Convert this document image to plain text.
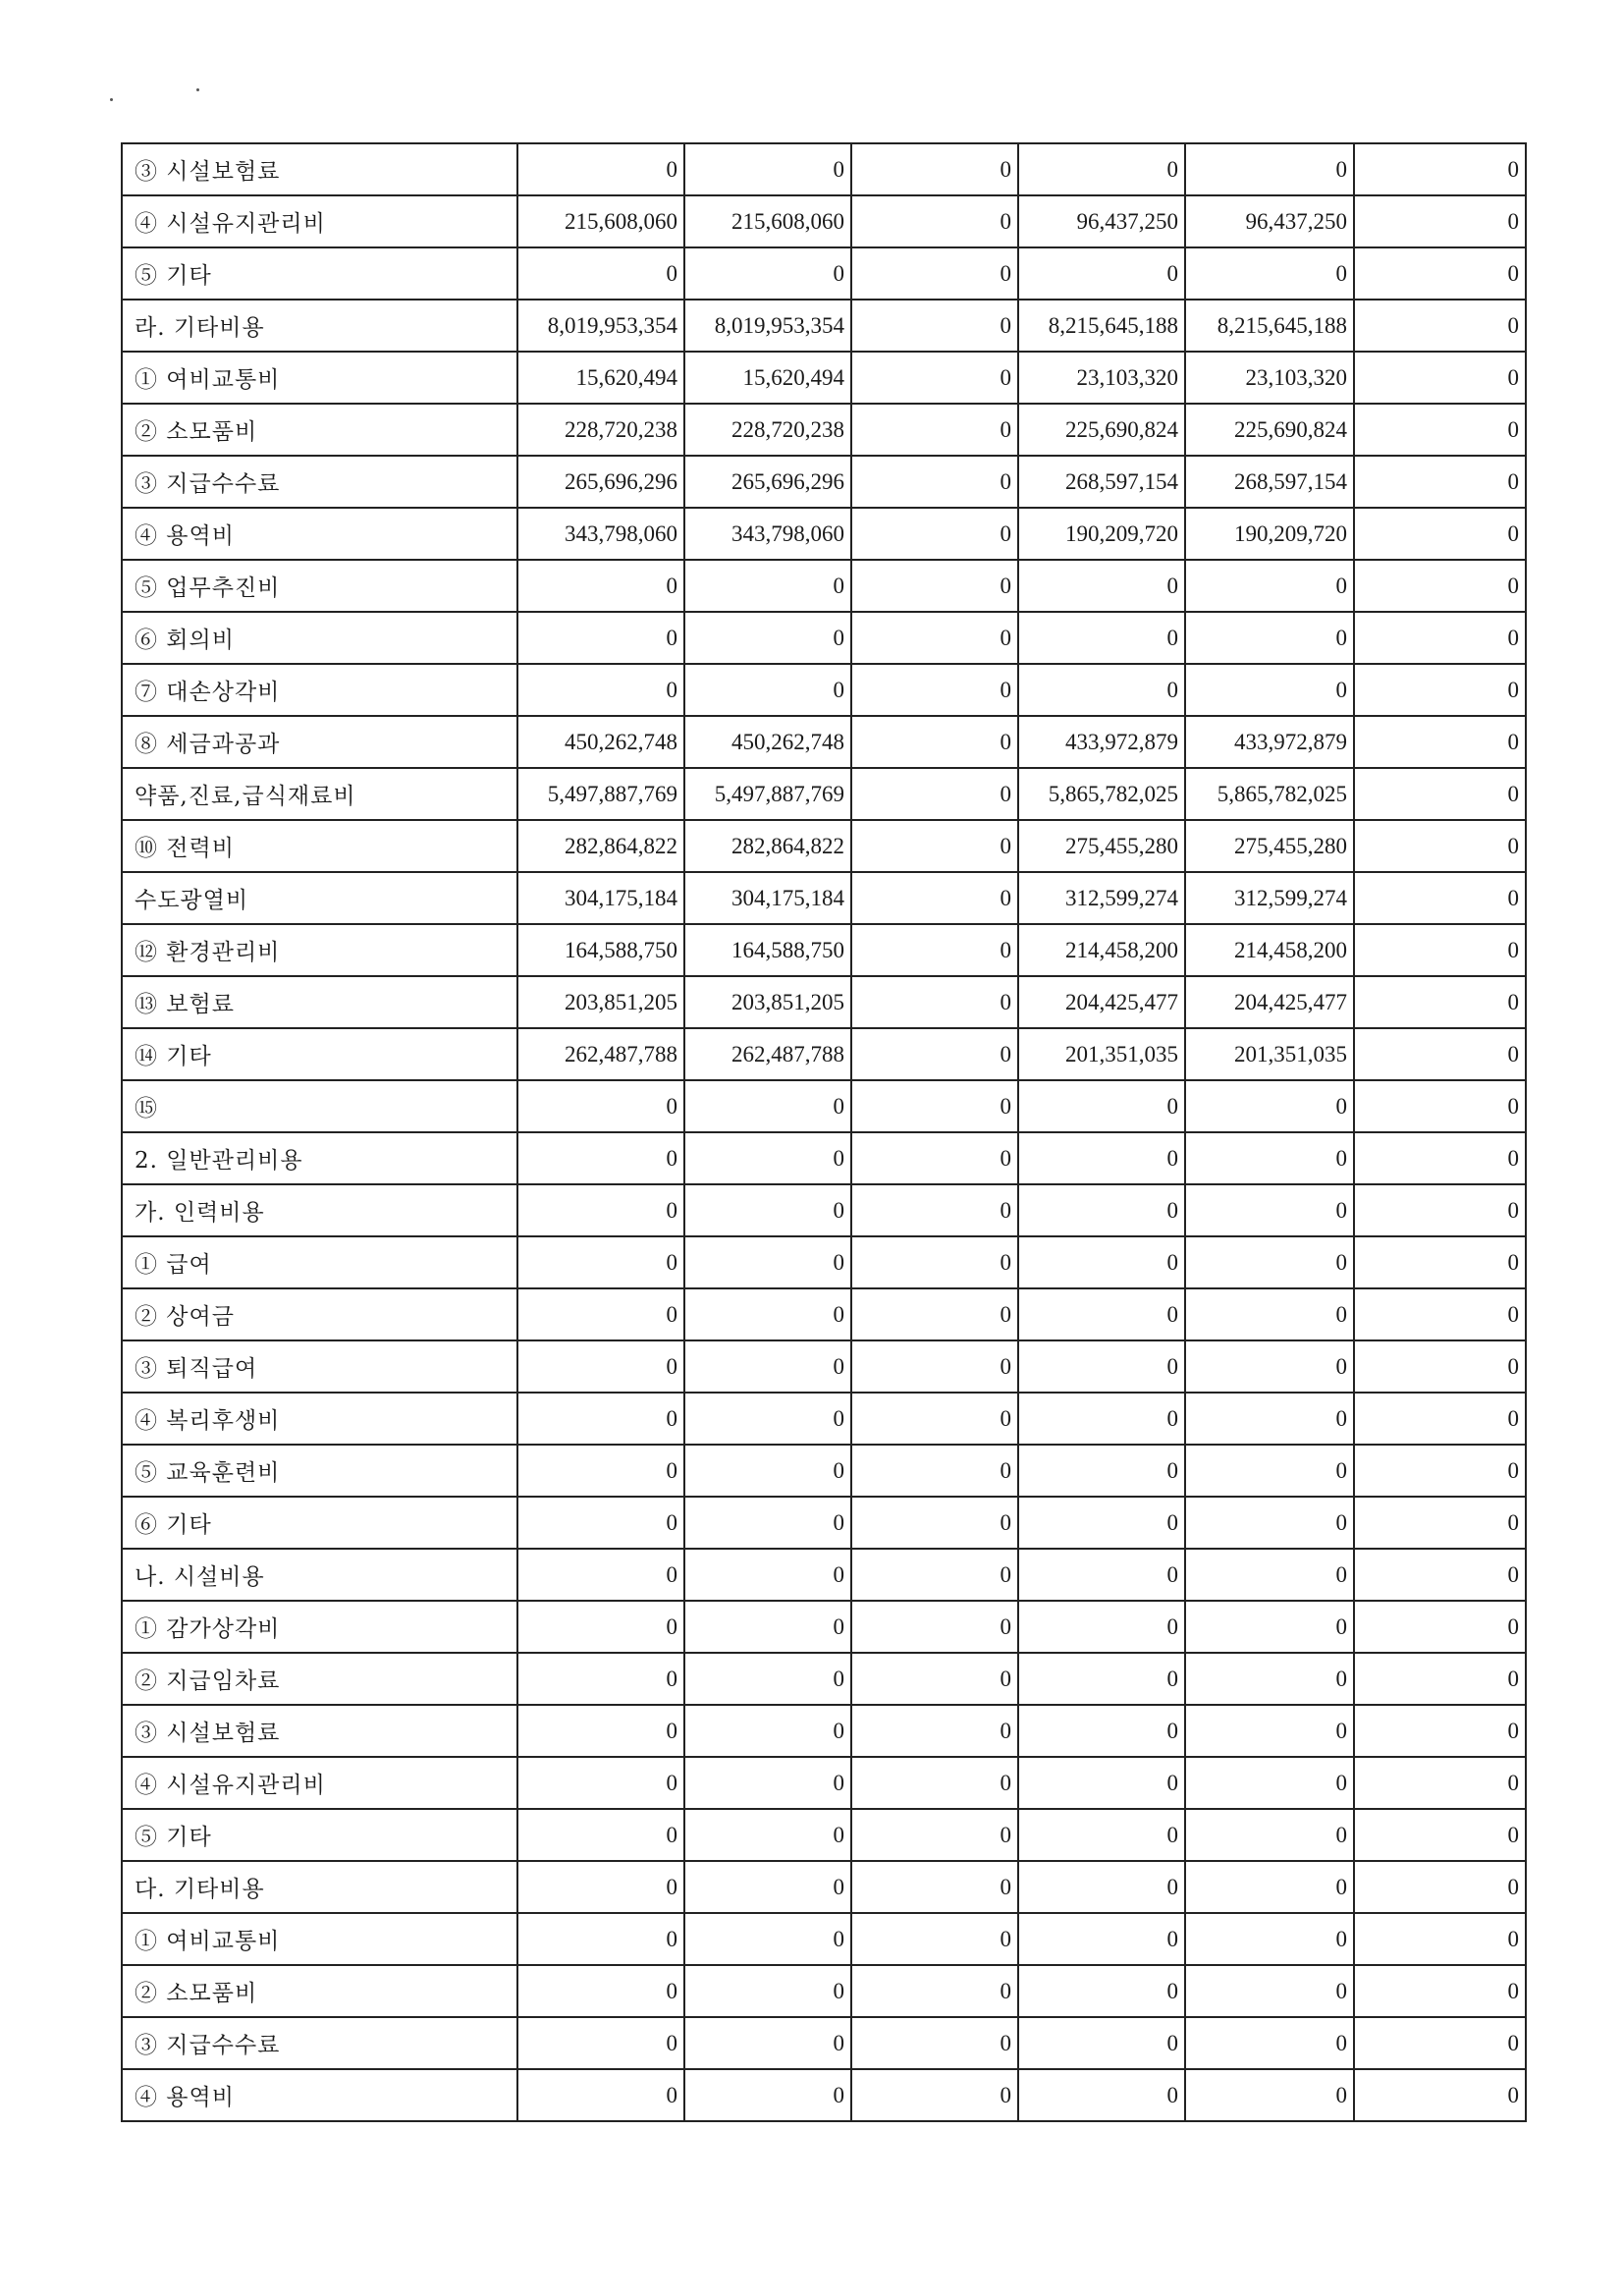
③ 시설보험료	0	0	0	0	0	0
④ 시설유지관리비	215,608,060	215,608,060	0	96,437,250	96,437,250	0
⑤ 기타	0	0	0	0	0	0
라. 기타비용	8,019,953,354	8,019,953,354	0	8,215,645,188	8,215,645,188	0
① 여비교통비	15,620,494	15,620,494	0	23,103,320	23,103,320	0
② 소모품비	228,720,238	228,720,238	0	225,690,824	225,690,824	0
③ 지급수수료	265,696,296	265,696,296	0	268,597,154	268,597,154	0
④ 용역비	343,798,060	343,798,060	0	190,209,720	190,209,720	0
⑤ 업무추진비	0	0	0	0	0	0
⑥ 회의비	0	0	0	0	0	0
⑦ 대손상각비	0	0	0	0	0	0
⑧ 세금과공과	450,262,748	450,262,748	0	433,972,879	433,972,879	0
약품,진료,급식재료비	5,497,887,769	5,497,887,769	0	5,865,782,025	5,865,782,025	0
⑩ 전력비	282,864,822	282,864,822	0	275,455,280	275,455,280	0
수도광열비	304,175,184	304,175,184	0	312,599,274	312,599,274	0
⑫ 환경관리비	164,588,750	164,588,750	0	214,458,200	214,458,200	0
⑬ 보험료	203,851,205	203,851,205	0	204,425,477	204,425,477	0
⑭ 기타	262,487,788	262,487,788	0	201,351,035	201,351,035	0
⑮	0	0	0	0	0	0
2. 일반관리비용	0	0	0	0	0	0
가. 인력비용	0	0	0	0	0	0
① 급여	0	0	0	0	0	0
② 상여금	0	0	0	0	0	0
③ 퇴직급여	0	0	0	0	0	0
④ 복리후생비	0	0	0	0	0	0
⑤ 교육훈련비	0	0	0	0	0	0
⑥ 기타	0	0	0	0	0	0
나. 시설비용	0	0	0	0	0	0
① 감가상각비	0	0	0	0	0	0
② 지급임차료	0	0	0	0	0	0
③ 시설보험료	0	0	0	0	0	0
④ 시설유지관리비	0	0	0	0	0	0
⑤ 기타	0	0	0	0	0	0
다. 기타비용	0	0	0	0	0	0
① 여비교통비	0	0	0	0	0	0
② 소모품비	0	0	0	0	0	0
③ 지급수수료	0	0	0	0	0	0
④ 용역비	0	0	0	0	0	0
